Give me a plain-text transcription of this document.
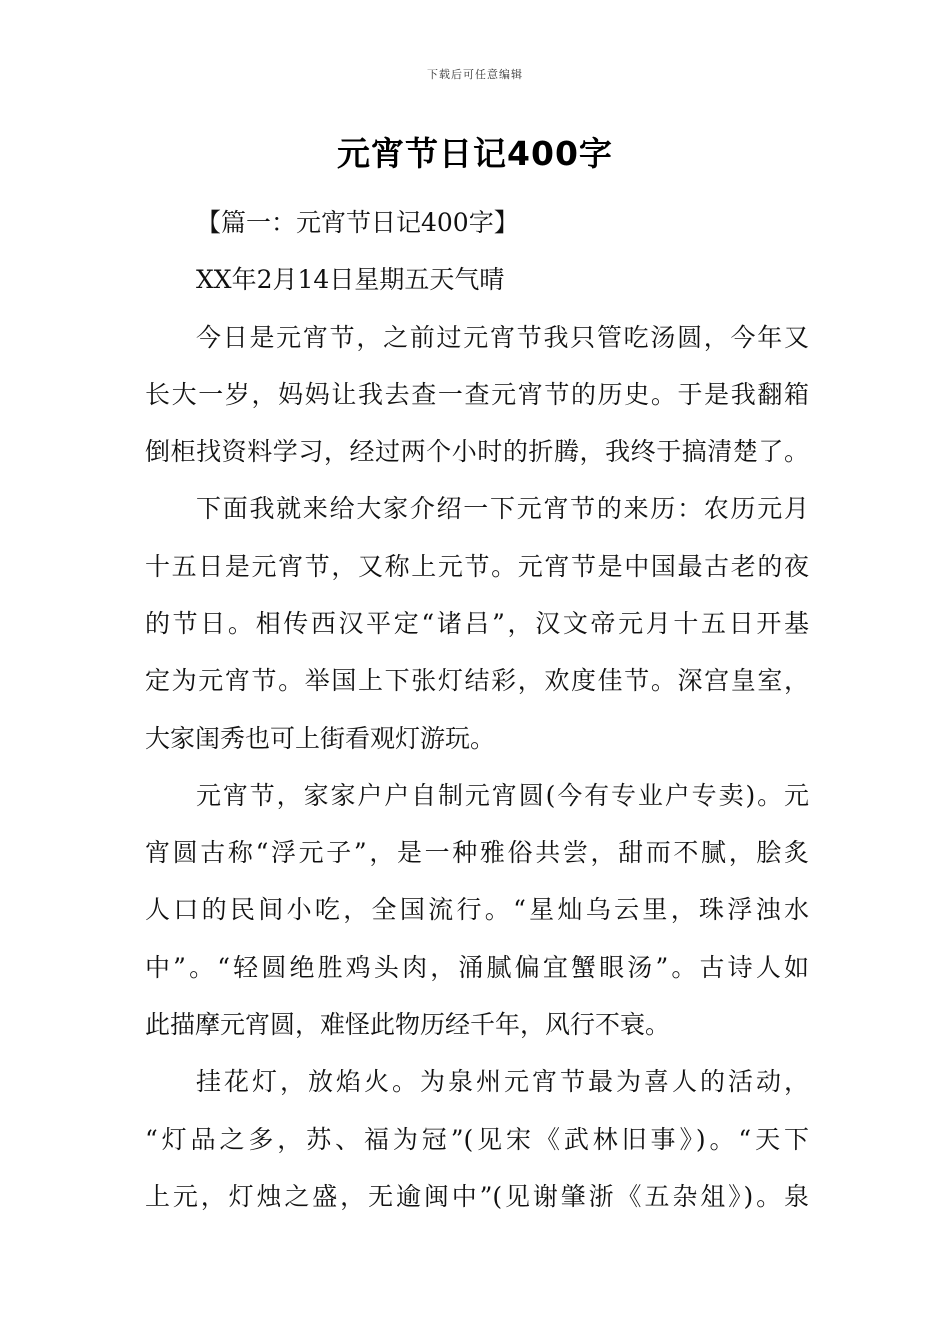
下载后可任意编辑
元宵节日记400字
【篇一：元宵节日记400字】
XX年2月14日星期五天气晴
今日是元宵节，之前过元宵节我只管吃汤圆，今年又
长大一岁，妈妈让我去查一查元宵节的历史。于是我翻箱
倒柜找资料学习，经过两个小时的折腾，我终于搞清楚了。
下面我就来给大家介绍一下元宵节的来历：农历元月
十五日是元宵节，又称上元节。元宵节是中国最古老的夜
的节日。相传西汉平定“诸吕”，汉文帝元月十五日开基
定为元宵节。举国上下张灯结彩，欢度佳节。深宫皇室，
大家闺秀也可上街看观灯游玩。
元宵节，家家户户自制元宵圆(今有专业户专卖)。元
宵圆古称“浮元子”，是一种雅俗共尝，甜而不腻，脍炙
人口的民间小吃，全国流行。“星灿乌云里，珠浮浊水
中”。“轻圆绝胜鸡头肉，涌腻偏宜蟹眼汤”。古诗人如
此描摩元宵圆，难怪此物历经千年，风行不衰。
挂花灯，放焰火。为泉州元宵节最为喜人的活动，
“灯品之多，苏、福为冠”(见宋《武林旧事》)。“天下
上元，灯烛之盛，无逾闽中”(见谢肇浙《五杂俎》)。泉
